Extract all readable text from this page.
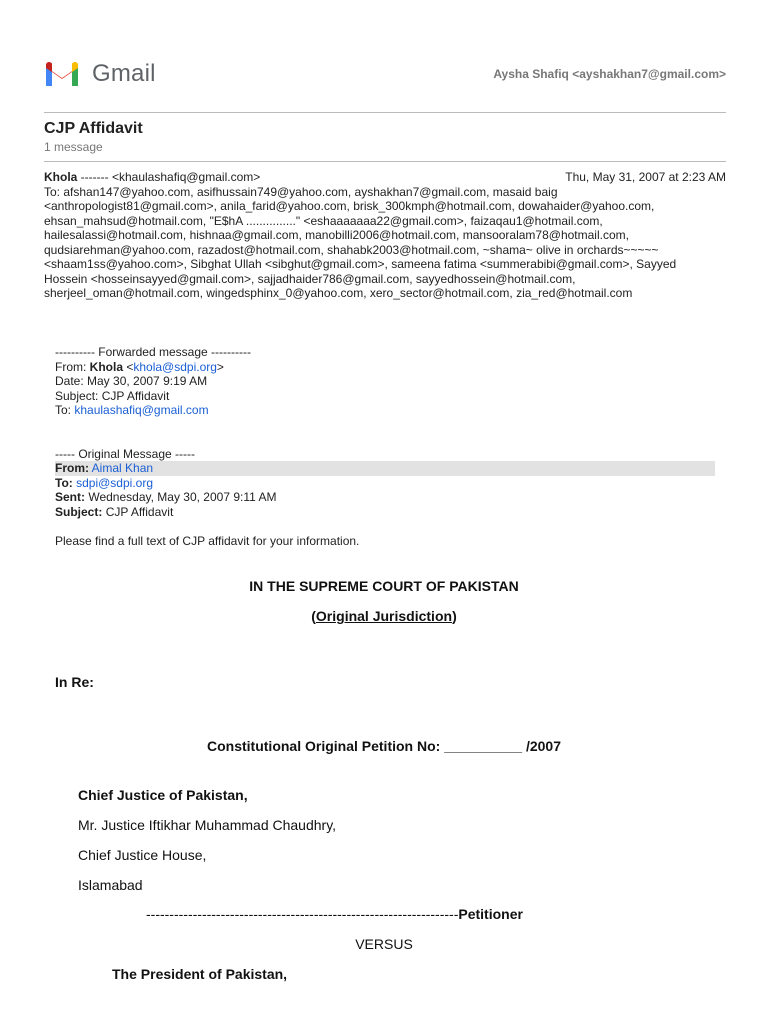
Gmail	Aysha Shafiq <ayshakhan7@gmail.com>
CJP Affidavit
1 message
Khola ------- <khaulashafiq@gmail.com>	Thu, May 31, 2007 at 2:23 AM
To: afshan147@yahoo.com, asifhussain749@yahoo.com, ayshakhan7@gmail.com, masaid baig
<anthropologist81@gmail.com>, anila_farid@yahoo.com, brisk_300kmph@hotmail.com, dowahaider@yahoo.com,
ehsan_mahsud@hotmail.com, "E$hA ..............." <eshaaaaaaa22@gmail.com>, faizaqau1@hotmail.com,
hailesalassi@hotmail.com, hishnaa@gmail.com, manobilli2006@hotmail.com, mansooralam78@hotmail.com,
qudsiarehman@yahoo.com, razadost@hotmail.com, shahabk2003@hotmail.com, ~shama~ olive in orchards~~~~~
<shaam1ss@yahoo.com>, Sibghat Ullah <sibghut@gmail.com>, sameena fatima <summerabibi@gmail.com>, Sayyed
Hossein <hosseinsayyed@gmail.com>, sajjadhaider786@gmail.com, sayyedhossein@hotmail.com,
sherjeel_oman@hotmail.com, wingedsphinx_0@yahoo.com, xero_sector@hotmail.com, zia_red@hotmail.com
---------- Forwarded message ----------
From: Khola <khola@sdpi.org>
Date: May 30, 2007 9:19 AM
Subject: CJP Affidavit
To: khaulashafiq@gmail.com
----- Original Message -----
From: Aimal Khan
To: sdpi@sdpi.org
Sent: Wednesday, May 30, 2007 9:11 AM
Subject: CJP Affidavit
Please find a full text of CJP affidavit for your information.
IN THE SUPREME COURT OF PAKISTAN
(Original Jurisdiction)
In Re:
Constitutional Original Petition No: __________ /2007
Chief Justice of Pakistan,
Mr. Justice Iftikhar Muhammad Chaudhry,
Chief Justice House,
Islamabad
-------------------------------------------------------------------Petitioner
VERSUS
The President of Pakistan,
